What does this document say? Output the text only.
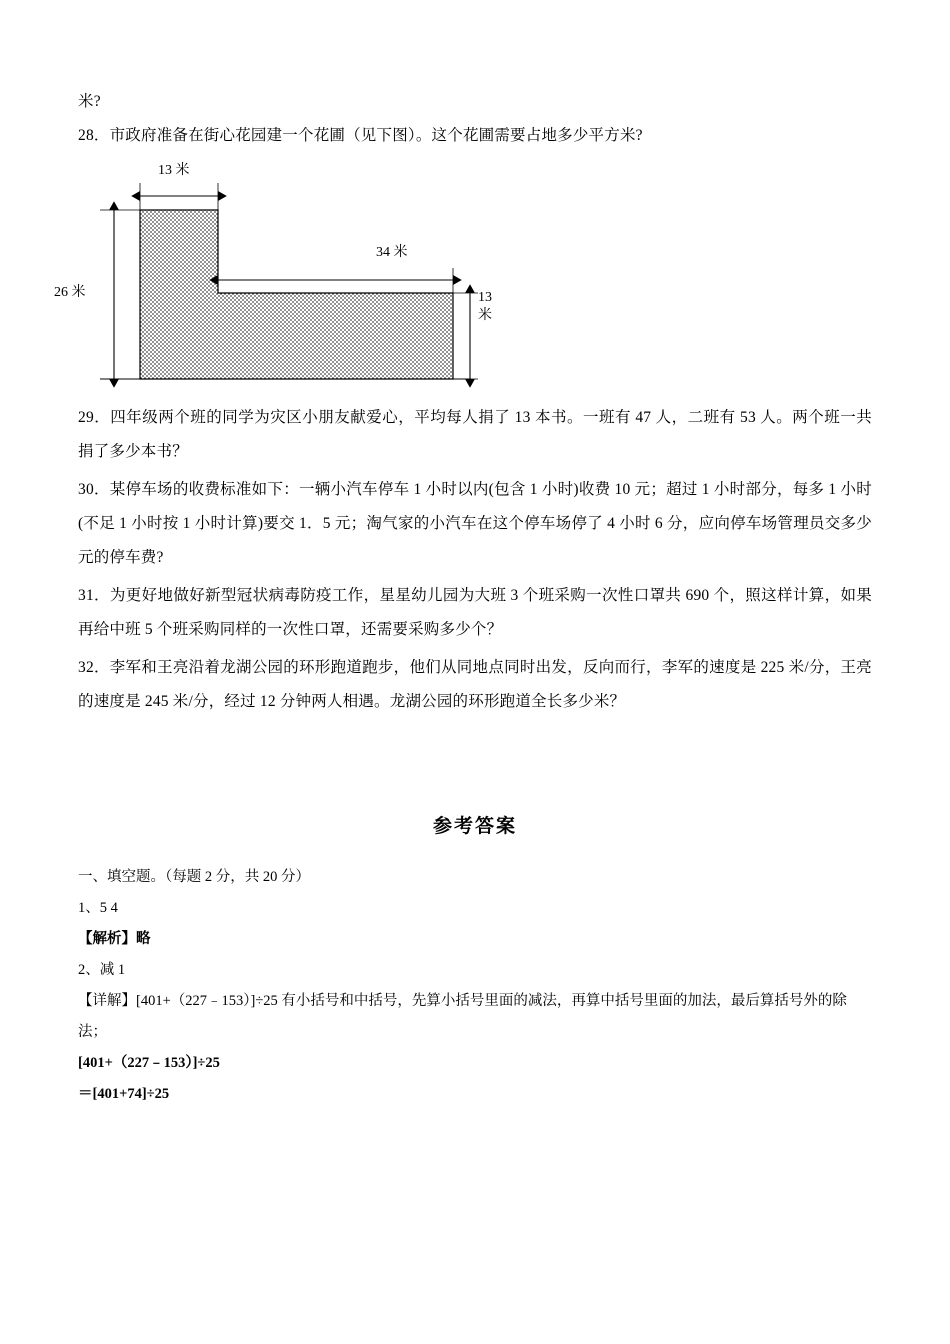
米?

28．市政府准备在街心花园建一个花圃（见下图）。这个花圃需要占地多少平方米?

13 米
34 米
26 米	13 米

29．四年级两个班的同学为灾区小朋友献爱心，平均每人捐了 13 本书。一班有 47 人，二班有 53 人。两个班一共捐了多少本书？

30．某停车场的收费标准如下：一辆小汽车停车 1 小时以内(包含 1 小时)收费 10 元；超过 1 小时部分，每多 1 小时(不足 1 小时按 1 小时计算)要交 1．5 元；淘气家的小汽车在这个停车场停了 4 小时 6 分，应向停车场管理员交多少元的停车费?

31．为更好地做好新型冠状病毒防疫工作，星星幼儿园为大班 3 个班采购一次性口罩共 690 个，照这样计算，如果再给中班 5 个班采购同样的一次性口罩，还需要采购多少个？

32．李军和王亮沿着龙湖公园的环形跑道跑步，他们从同地点同时出发，反向而行，李军的速度是 225 米/分，王亮的速度是 245 米/分，经过 12 分钟两人相遇。龙湖公园的环形跑道全长多少米？

参考答案

一、填空题。（每题 2 分，共 20 分）

1、5 4

【解析】略

2、减 1

【详解】[401+（227﹣153）]÷25 有小括号和中括号，先算小括号里面的减法，再算中括号里面的加法，最后算括号外的除法；

[401+（227﹣153）]÷25

＝[401+74]÷25
